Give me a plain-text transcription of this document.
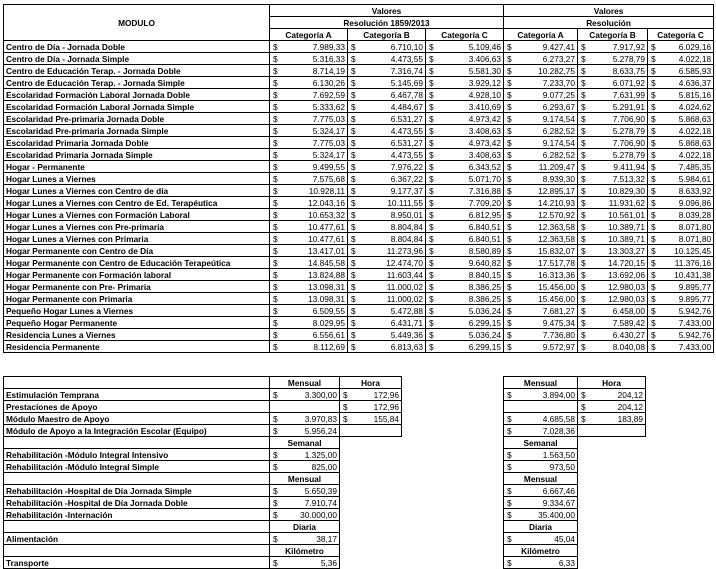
MODULO	Valores						Valores					
	Resolución 1859/2013						Resolución					
	Categoría A		Categoría B		Categoría C		Categoría A		Categoría B		Categoría C	
Centro de Día - Jornada Doble	$	7.989,33	$	6.710,10	$	5.109,46	$	9.427,41	$	7.917,92	$	6.029,16
Centro de Día - Jornada Simple	$	5.316,33	$	4.473,55	$	3.406,63	$	6.273,27	$	5.278,79	$	4.022,18
Centro de Educación Terap. - Jornada Doble	$	8.714,19	$	7.316,74	$	5.581,30	$	10.282,75	$	8.633,75	$	6.585,93
Centro de Educación Terap. - Jornada Simple	$	6.130,26	$	5.145,69	$	3.929,12	$	7.233,70	$	6.071,92	$	4.636,37
Escolaridad Formación Laboral Jornada Doble	$	7.692,59	$	6.467,78	$	4.928,10	$	9.077,25	$	7.631,99	$	5.815,16
Escolaridad Formación Laboral Jornada Simple	$	5.333,62	$	4.484,67	$	3.410,69	$	6.293,67	$	5.291,91	$	4.024,62
Escolaridad Pre-primaria Jornada Doble	$	7.775,03	$	6.531,27	$	4.973,42	$	9.174,54	$	7.706,90	$	5.868,63
Escolaridad Pre-primaria Jornada Simple	$	5.324,17	$	4.473,55	$	3.408,63	$	6.282,52	$	5.278,79	$	4.022,18
Escolaridad Primaria Jornada Doble	$	7.775,03	$	6.531,27	$	4.973,42	$	9.174,54	$	7.706,90	$	5.868,63
Escolaridad Primaria Jornada Simple	$	5.324,17	$	4.473,55	$	3.408,63	$	6.282,52	$	5.278,79	$	4.022,18
Hogar - Permanente	$	9.499,55	$	7.976,22	$	6.343,52	$	11.209,47	$	9.411,94	$	7.485,35
Hogar Lunes a Viernes	$	7.575,68	$	6.367,22	$	5.071,70	$	8.939,30	$	7.513,32	$	5.984,61
Hogar Lunes a Viernes con Centro de día	$	10.928,11	$	9.177,37	$	7.316,88	$	12.895,17	$	10.829,30	$	8.633,92
Hogar Lunes a Viernes con Centro de Ed. Terapéutica	$	12.043,16	$	10.111,55	$	7.709,20	$	14.210,93	$	11.931,62	$	9.096,86
Hogar Lunes a Viernes con Formación Laboral	$	10.653,32	$	8.950,01	$	6.812,95	$	12.570,92	$	10.561,01	$	8.039,28
Hogar Lunes a Viernes con Pre-primaria	$	10.477,61	$	8.804,84	$	6.840,51	$	12.363,58	$	10.389,71	$	8.071,80
Hogar Lunes a Viernes con Primaria	$	10.477,61	$	8.804,84	$	6.840,51	$	12.363,58	$	10.389,71	$	8.071,80
Hogar Permanente con Centro de Día	$	13.417,01	$	11.273,96	$	8.580,89	$	15.832,07	$	13.303,27	$	10.125,45
Hogar Permanente con Centro de Educación Terapeútica	$	14.845,58	$	12.474,70	$	9.640,82	$	17.517,78	$	14.720,15	$	11.376,16
Hogar Permanente con Formación laboral	$	13.824,88	$	11.603,44	$	8.840,15	$	16.313,36	$	13.692,06	$	10.431,38
Hogar Permanente con Pre- Primaria	$	13.098,31	$	11.000,02	$	8.386,25	$	15.456,00	$	12.980,03	$	9.895,77
Hogar Permanente con Primaria	$	13.098,31	$	11.000,02	$	8.386,25	$	15.456,00	$	12.980,03	$	9.895,77
Pequeño Hogar Lunes a Viernes	$	6.509,55	$	5.472,88	$	5.036,24	$	7.681,27	$	6.458,00	$	5.942,76
Pequeño Hogar Permanente	$	8.029,95	$	6.431,71	$	6.299,15	$	9.475,34	$	7.589,42	$	7.433,00
Residencia Lunes a Viernes	$	6.556,61	$	5.449,36	$	5.036,24	$	7.736,80	$	6.430,27	$	5.942,76
Residencia Permanente	$	8.112,69	$	6.813,63	$	6.299,15	$	9.572,97	$	8.040,08	$	7.433,00
	Mensual		Hora	
Estimulación Temprana	$	3.300,00	$	172,96
Prestaciones de Apoyo			$	172,96
Módulo Maestro de Apoyo	$	3.970,83	$	155,84
Módulo de Apoyo a la Integración Escolar (Equipo)	$	5.956,24		
	Semanal			
Rehabilitación -Módulo Integral Intensivo	$	1.325,00		
Rehabilitación -Módulo Integral Simple	$	825,00		
	Mensual			
Rehabilitación -Hospital de Día Jornada Simple	$	5.650,39		
Rehabilitación -Hospital de Día Jornada Doble	$	7.910,74		
Rehabilitación -Internación	$	30.000,00		
	Diaria			
Alimentación	$	38,17		
	Kilómetro			
Transporte	$	5,36		
Mensual		Hora	
$	3.894,00	$	204,12
		$	204,12
$	4.685,58	$	183,89
$	7.028,36		
Semanal			
$	1.563,50		
$	973,50		
Mensual			
$	6.667,46		
$	9.334,67		
$	35.400,00		
Diaria			
$	45,04		
Kilómetro			
$	6,33		
